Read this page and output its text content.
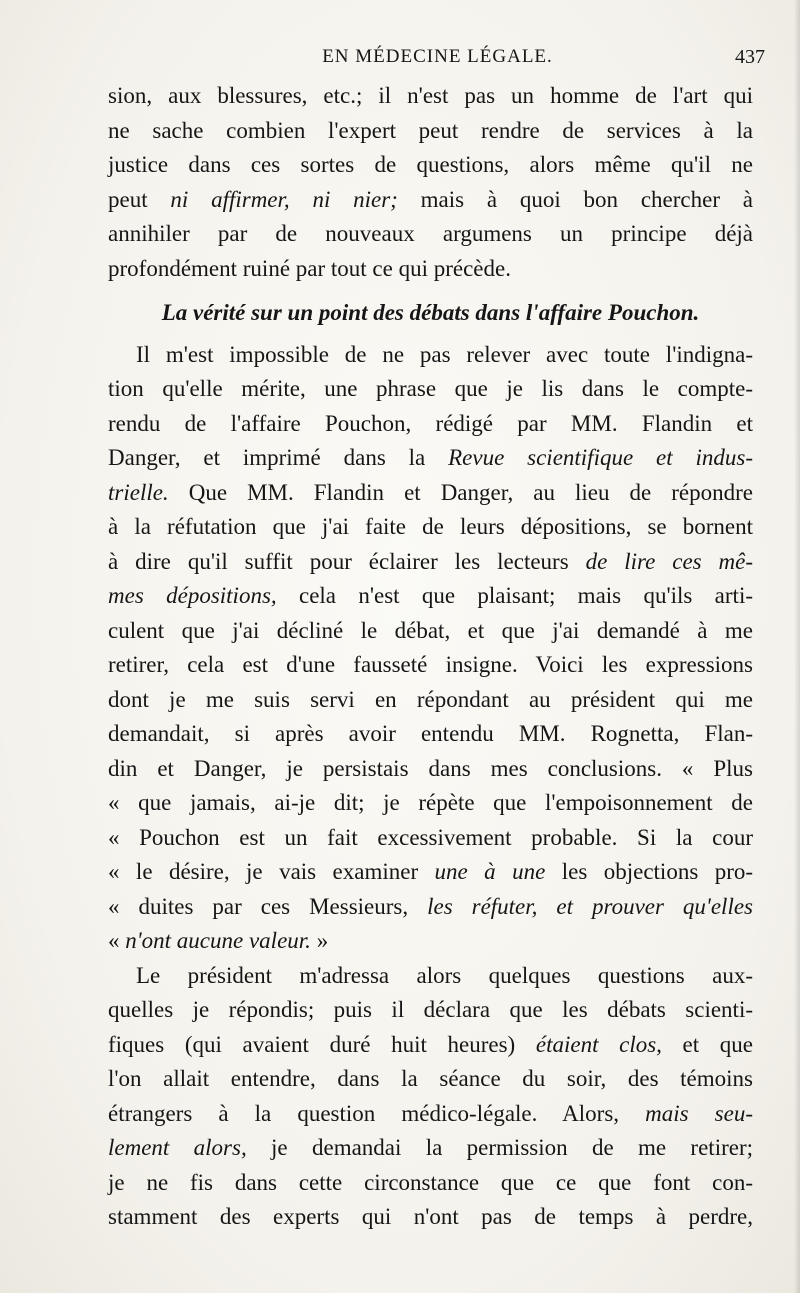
EN MÉDECINE LÉGALE.	437
sion, aux blessures, etc.; il n'est pas un homme de l'art qui
ne sache combien l'expert peut rendre de services à la
justice dans ces sortes de questions, alors même qu'il ne
peut ni affirmer, ni nier; mais à quoi bon chercher à
annihiler par de nouveaux argumens un principe déjà
profondément ruiné par tout ce qui précède.
La vérité sur un point des débats dans l'affaire Pouchon.
Il m'est impossible de ne pas relever avec toute l'indigna-
tion qu'elle mérite, une phrase que je lis dans le compte-
rendu de l'affaire Pouchon, rédigé par MM. Flandin et
Danger, et imprimé dans la Revue scientifique et indus-
trielle. Que MM. Flandin et Danger, au lieu de répondre
à la réfutation que j'ai faite de leurs dépositions, se bornent
à dire qu'il suffit pour éclairer les lecteurs de lire ces mê-
mes dépositions, cela n'est que plaisant; mais qu'ils arti-
culent que j'ai décliné le débat, et que j'ai demandé à me
retirer, cela est d'une fausseté insigne. Voici les expressions
dont je me suis servi en répondant au président qui me
demandait, si après avoir entendu MM. Rognetta, Flan-
din et Danger, je persistais dans mes conclusions. « Plus
« que jamais, ai-je dit; je répète que l'empoisonnement de
« Pouchon est un fait excessivement probable. Si la cour
« le désire, je vais examiner une à une les objections pro-
« duites par ces Messieurs, les réfuter, et prouver qu'elles
« n'ont aucune valeur. »
Le président m'adressa alors quelques questions aux-
quelles je répondis; puis il déclara que les débats scienti-
fiques (qui avaient duré huit heures) étaient clos, et que
l'on allait entendre, dans la séance du soir, des témoins
étrangers à la question médico-légale. Alors, mais seu-
lement alors, je demandai la permission de me retirer;
je ne fis dans cette circonstance que ce que font con-
stamment des experts qui n'ont pas de temps à perdre,
